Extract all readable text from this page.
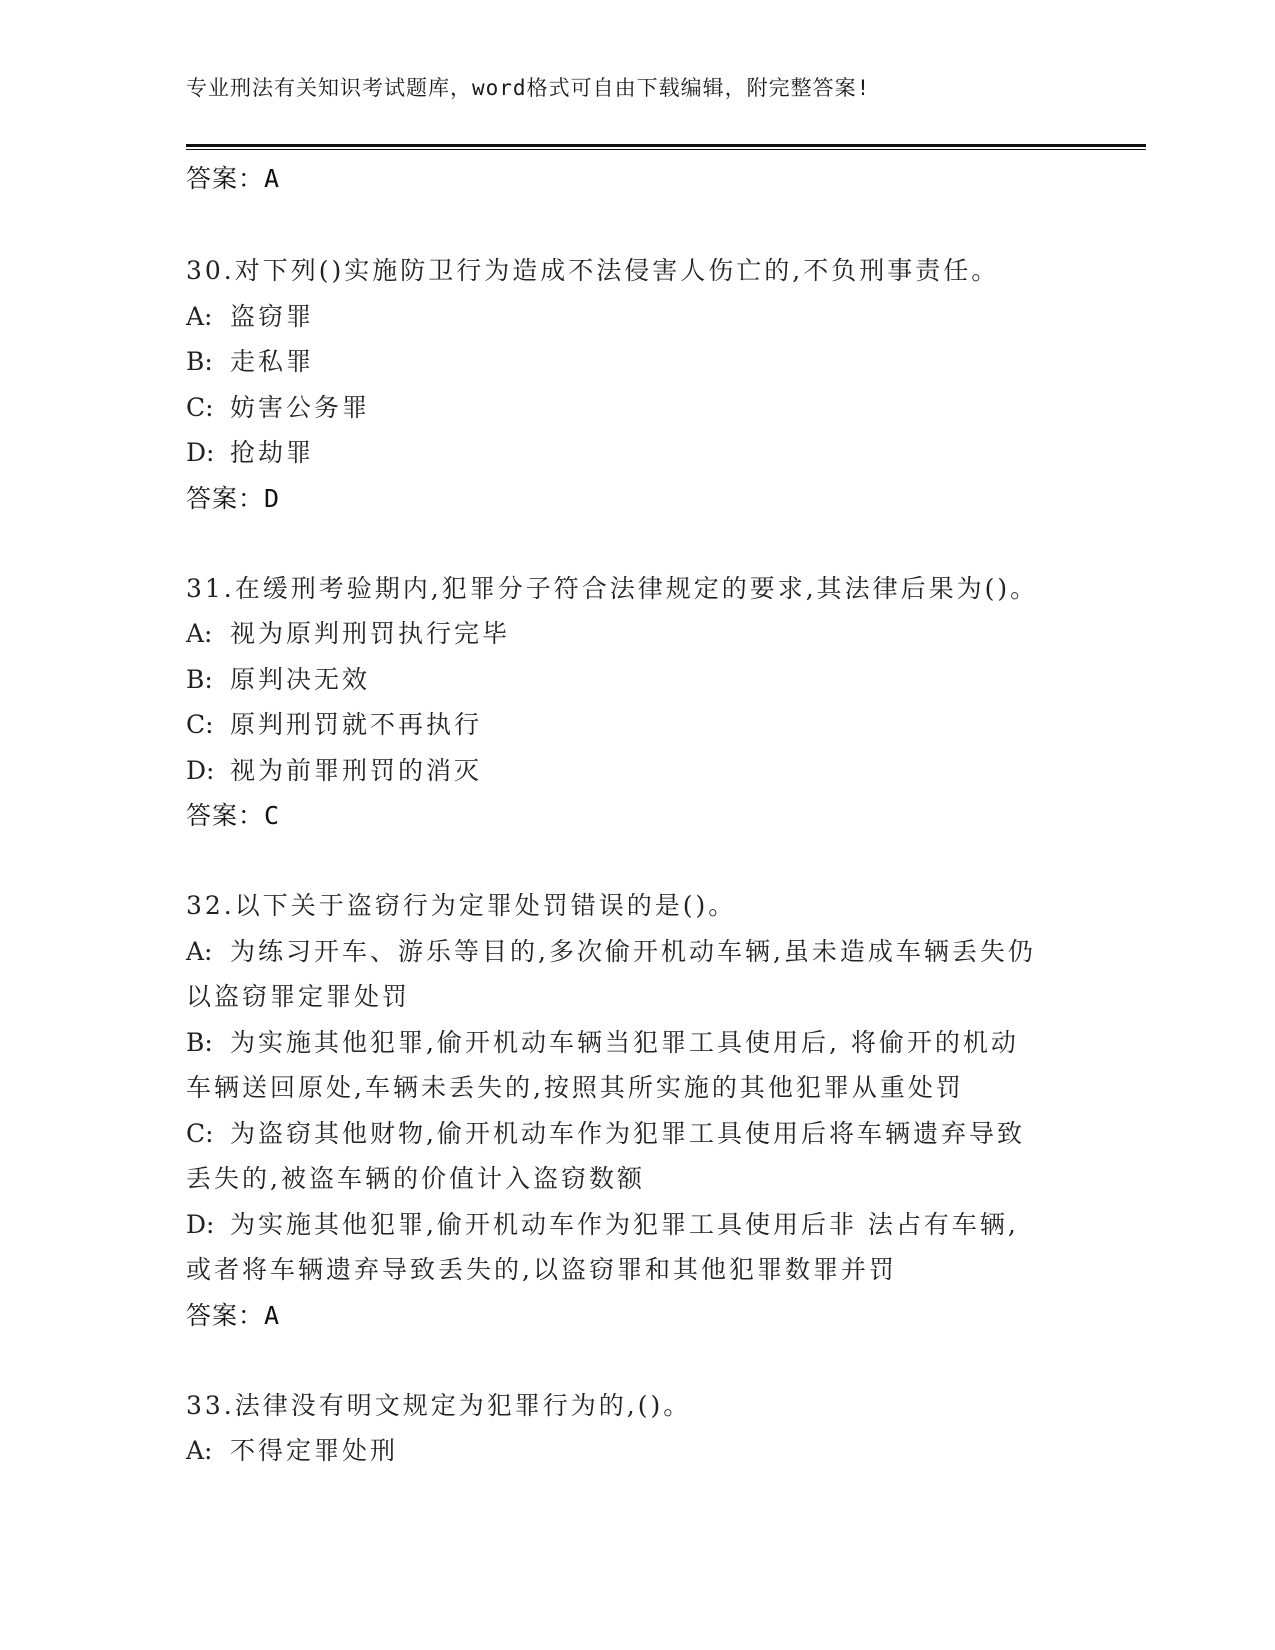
专业刑法有关知识考试题库，word格式可自由下载编辑，附完整答案!
答案：A
30.对下列()实施防卫行为造成不法侵害人伤亡的,不负刑事责任。
A: 盗窃罪
B: 走私罪
C: 妨害公务罪
D: 抢劫罪
答案：D
31.在缓刑考验期内,犯罪分子符合法律规定的要求,其法律后果为()。
A: 视为原判刑罚执行完毕
B: 原判决无效
C: 原判刑罚就不再执行
D: 视为前罪刑罚的消灭
答案：C
32.以下关于盗窃行为定罪处罚错误的是()。
A: 为练习开车、游乐等目的,多次偷开机动车辆,虽未造成车辆丢失仍
以盗窃罪定罪处罚
B: 为实施其他犯罪,偷开机动车辆当犯罪工具使用后, 将偷开的机动
车辆送回原处,车辆未丢失的,按照其所实施的其他犯罪从重处罚
C: 为盗窃其他财物,偷开机动车作为犯罪工具使用后将车辆遗弃导致
丢失的,被盗车辆的价值计入盗窃数额
D: 为实施其他犯罪,偷开机动车作为犯罪工具使用后非 法占有车辆,
或者将车辆遗弃导致丢失的,以盗窃罪和其他犯罪数罪并罚
答案：A
33.法律没有明文规定为犯罪行为的,()。
A: 不得定罪处刑
